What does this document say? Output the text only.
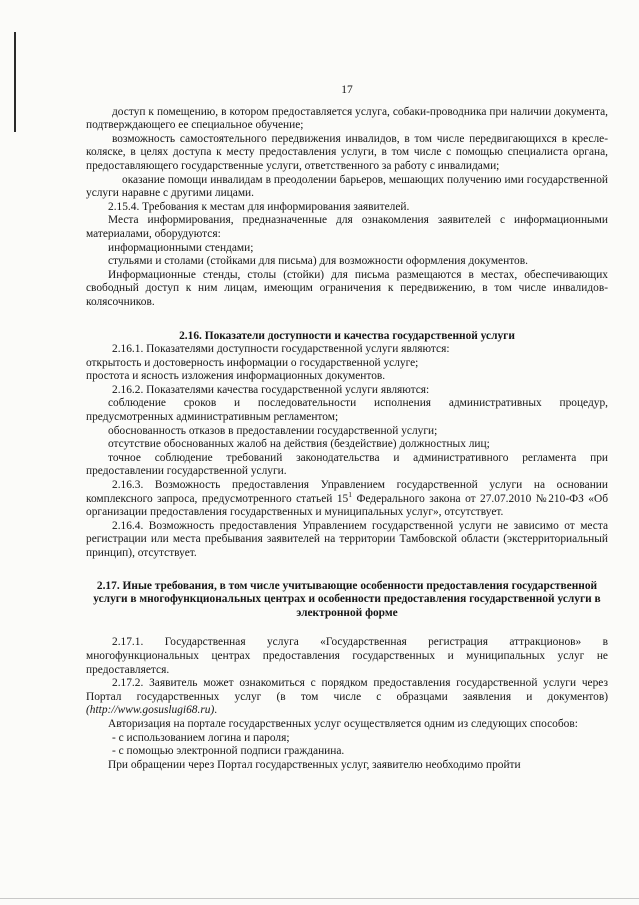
17

доступ к помещению, в котором предоставляется услуга, собаки-проводника при наличии документа, подтверждающего ее специальное обучение;

возможность самостоятельного передвижения инвалидов, в том числе передвигающихся в кресле-коляске, в целях доступа к месту предоставления услуги, в том числе с помощью специалиста органа, предоставляющего государственные услуги, ответственного за работу с инвалидами;

оказание помощи инвалидам в преодолении барьеров, мешающих получению ими государственной услуги наравне с другими лицами.

2.15.4. Требования к местам для информирования заявителей.

Места информирования, предназначенные для ознакомления заявителей с информационными материалами, оборудуются:

информационными стендами;

стульями и столами (стойками для письма) для возможности оформления документов.

Информационные стенды, столы (стойки) для письма размещаются в местах, обеспечивающих свободный доступ к ним лицам, имеющим ограничения к передвижению, в том числе инвалидов-колясочников.

2.16. Показатели доступности и качества государственной услуги

2.16.1. Показателями доступности государственной услуги являются:

открытость и достоверность информации о государственной услуге;

простота и ясность изложения информационных документов.

2.16.2. Показателями качества государственной услуги являются:

соблюдение сроков и последовательности исполнения административных процедур, предусмотренных административным регламентом;

обоснованность отказов в предоставлении государственной услуги;

отсутствие обоснованных жалоб на действия (бездействие) должностных лиц;

точное соблюдение требований законодательства и административного регламента при предоставлении государственной услуги.

2.16.3. Возможность предоставления Управлением государственной услуги на основании комплексного запроса, предусмотренного статьей $15^1$ Федерального закона от 27.07.2010 №210-ФЗ «Об организации предоставления государственных и муниципальных услуг», отсутствует.

2.16.4. Возможность предоставления Управлением государственной услуги не зависимо от места регистрации или места пребывания заявителей на территории Тамбовской области (экстерриториальный принцип), отсутствует.

2.17. Иные требования, в том числе учитывающие особенности предоставления государственной услуги в многофункциональных центрах и особенности предоставления государственной услуги в электронной форме

2.17.1. Государственная услуга «Государственная регистрация аттракционов» в многофункциональных центрах предоставления государственных и муниципальных услуг не предоставляется.

2.17.2. Заявитель может ознакомиться с порядком предоставления государственной услуги через Портал государственных услуг (в том числе с образцами заявления и документов) (http://www.gosuslugi68.ru).

Авторизация на портале государственных услуг осуществляется одним из следующих способов:

- с использованием логина и пароля;

- с помощью электронной подписи гражданина.

При обращении через Портал государственных услуг, заявителю необходимо пройти
